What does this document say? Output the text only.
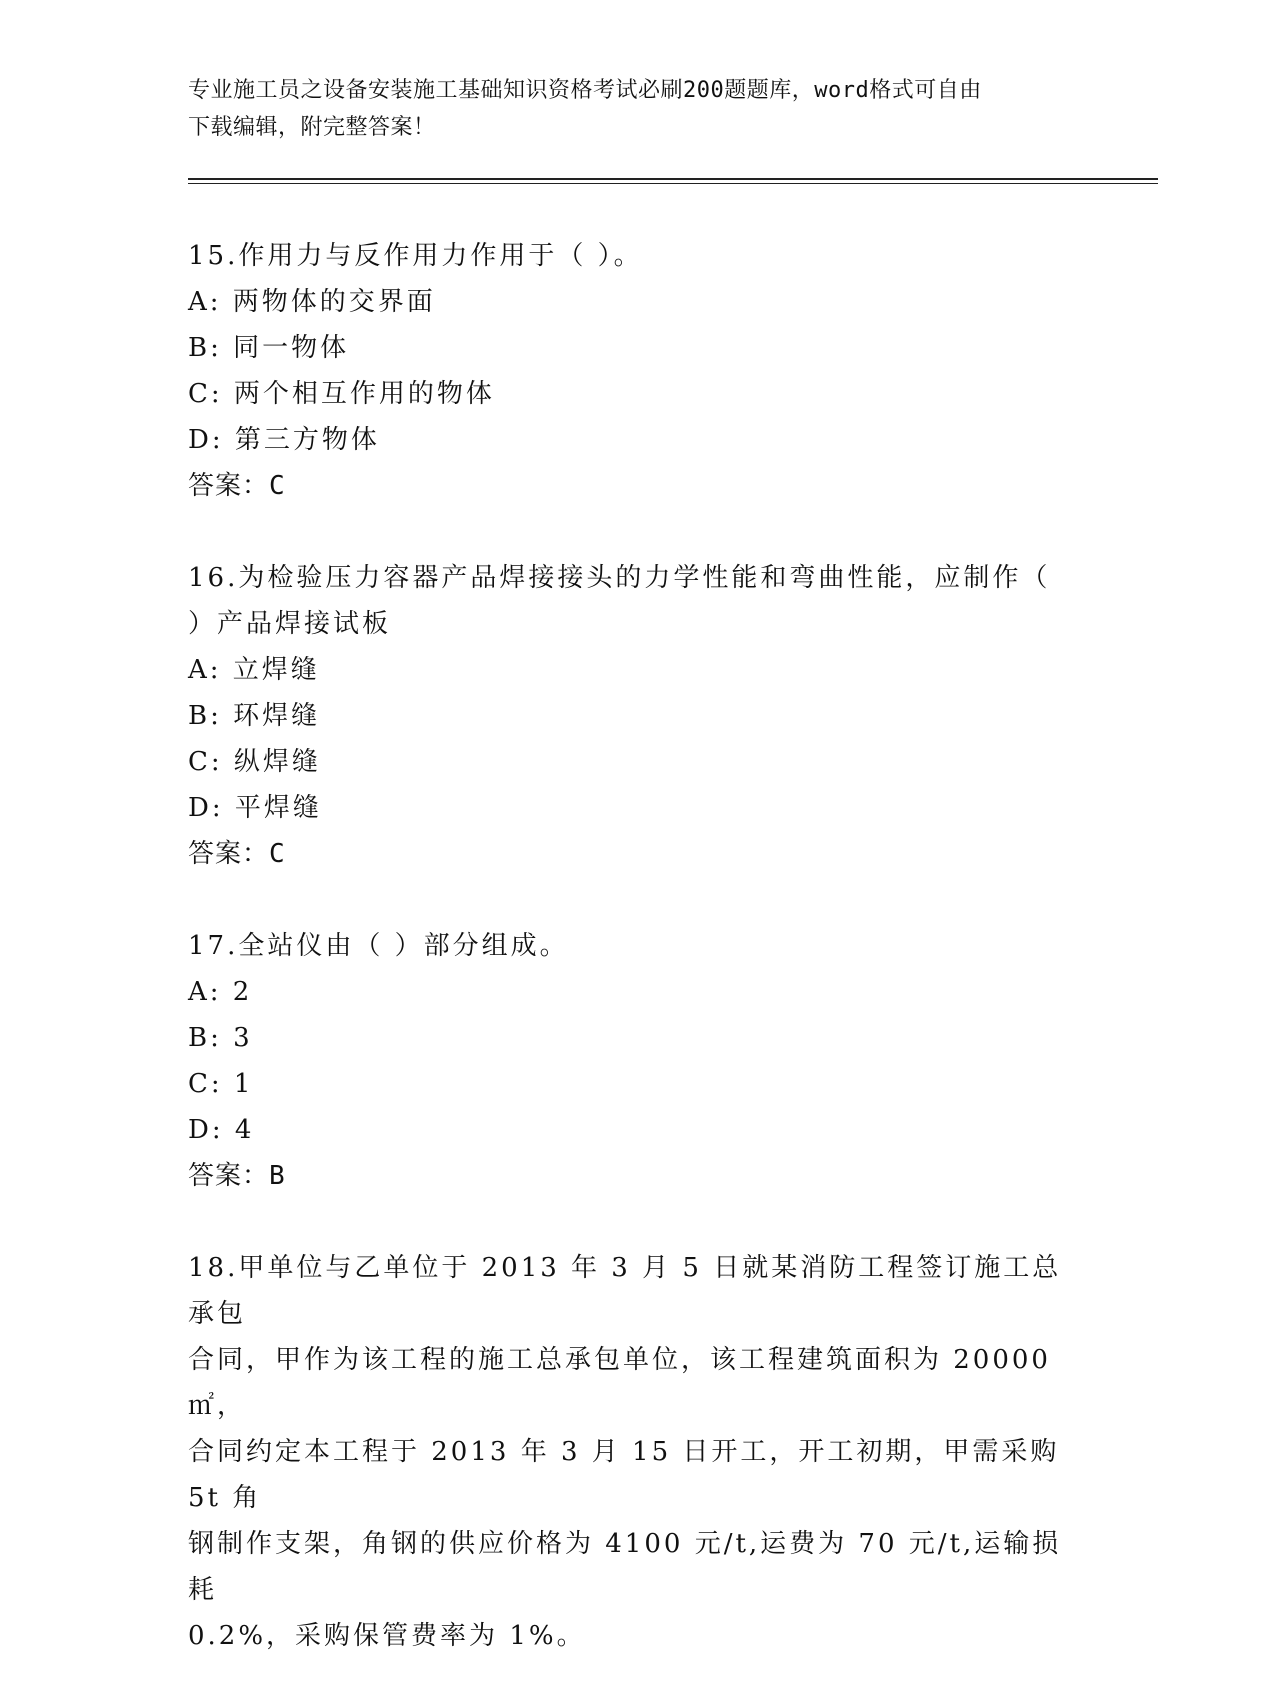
专业施工员之设备安装施工基础知识资格考试必刷200题题库，word格式可自由
下载编辑，附完整答案！
15.作用力与反作用力作用于（ ）。
A: 两物体的交界面
B: 同一物体
C: 两个相互作用的物体
D: 第三方物体
答案：C
16.为检验压力容器产品焊接接头的力学性能和弯曲性能，应制作（
）产品焊接试板
A: 立焊缝
B: 环焊缝
C: 纵焊缝
D: 平焊缝
答案：C
17.全站仪由（ ）部分组成。
A: 2
B: 3
C: 1
D: 4
答案：B
18.甲单位与乙单位于 2013 年 3 月 5 日就某消防工程签订施工总承包
合同，甲作为该工程的施工总承包单位，该工程建筑面积为 20000㎡，
合同约定本工程于 2013 年 3 月 15 日开工，开工初期，甲需采购 5t 角
钢制作支架，角钢的供应价格为 4100 元/t,运费为 70 元/t,运输损耗
0.2%，采购保管费率为 1%。
